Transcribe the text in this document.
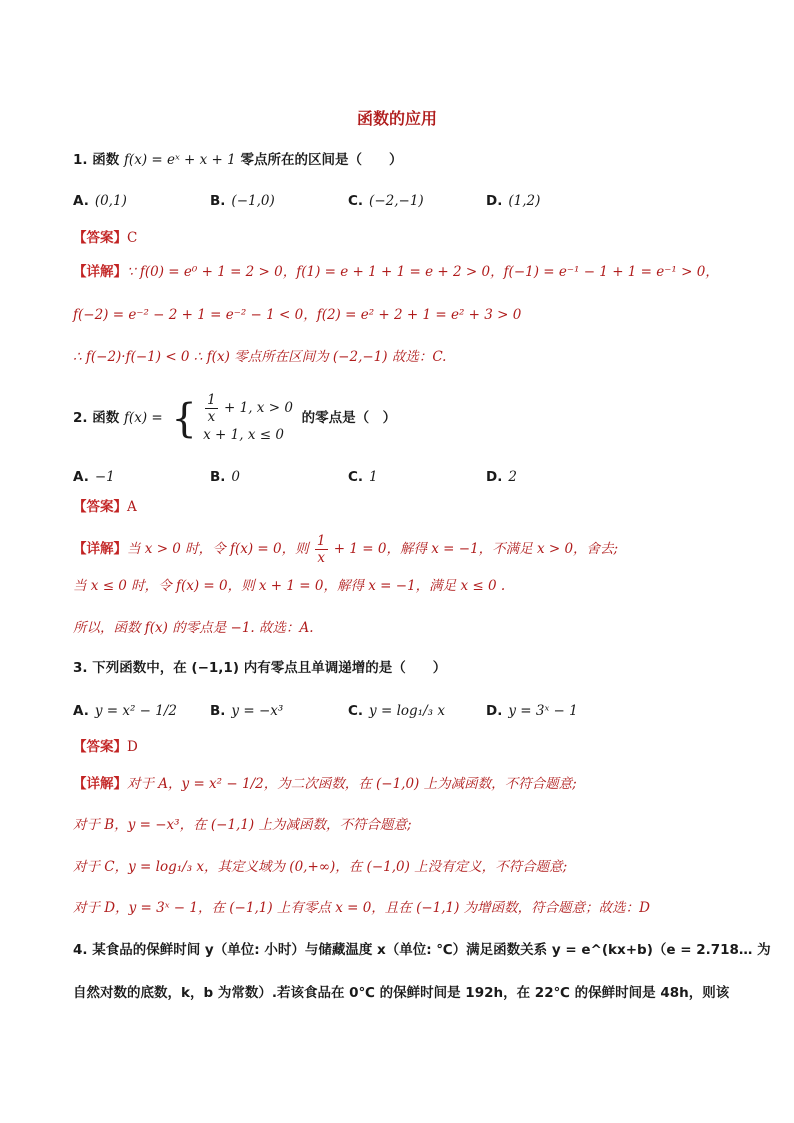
函数的应用
1. 函数 f(x) = eˣ + x + 1 零点所在的区间是（　　）
A. (0,1)	B. (−1,0)	C. (−2,−1)	D. (1,2)
【答案】C
【详解】∵ f(0) = e⁰ + 1 = 2 > 0，f(1) = e + 1 + 1 = e + 2 > 0，f(−1) = e⁻¹ − 1 + 1 = e⁻¹ > 0，
f(−2) = e⁻² − 2 + 1 = e⁻² − 1 < 0，f(2) = e² + 2 + 1 = e² + 3 > 0
∴ f(−2)·f(−1) < 0 ∴ f(x) 零点所在区间为 (−2,−1) 故选：C.
2. 函数 f(x) = { $\frac{1}{x} + 1$, x > 0
x + 1, x ≤ 0
的零点是（　）
A. −1	B. 0	C. 1	D. 2
【答案】A
【详解】当 x > 0 时，令 f(x) = 0，则 $\frac{1}{x} + 1 = 0$，解得 x = −1，不满足 x > 0，舍去;
当 x ≤ 0 时，令 f(x) = 0，则 x + 1 = 0，解得 x = −1，满足 x ≤ 0 .
所以，函数 f(x) 的零点是 −1. 故选：A.
3. 下列函数中，在 (−1,1) 内有零点且单调递增的是（　　）
A. y = x² − 1/2 B. y = −x³	C. y = log₁/₃ x	D. y = 3ˣ − 1
【答案】D
【详解】对于 A，y = x² − 1/2，为二次函数，在 (−1,0) 上为减函数，不符合题意;
对于 B，y = −x³，在 (−1,1) 上为减函数，不符合题意;
对于 C，y = log₁/₃ x，其定义域为 (0,+∞)，在 (−1,0) 上没有定义，不符合题意;
对于 D，y = 3ˣ − 1，在 (−1,1) 上有零点 x = 0，且在 (−1,1) 为增函数，符合题意；故选：D
4. 某食品的保鲜时间 y（单位: 小时）与储藏温度 x（单位: ℃）满足函数关系 y = e^(kx+b)（e = 2.718… 为
自然对数的底数，k，b 为常数）.若该食品在 0℃ 的保鲜时间是 192h，在 22℃ 的保鲜时间是 48h，则该
